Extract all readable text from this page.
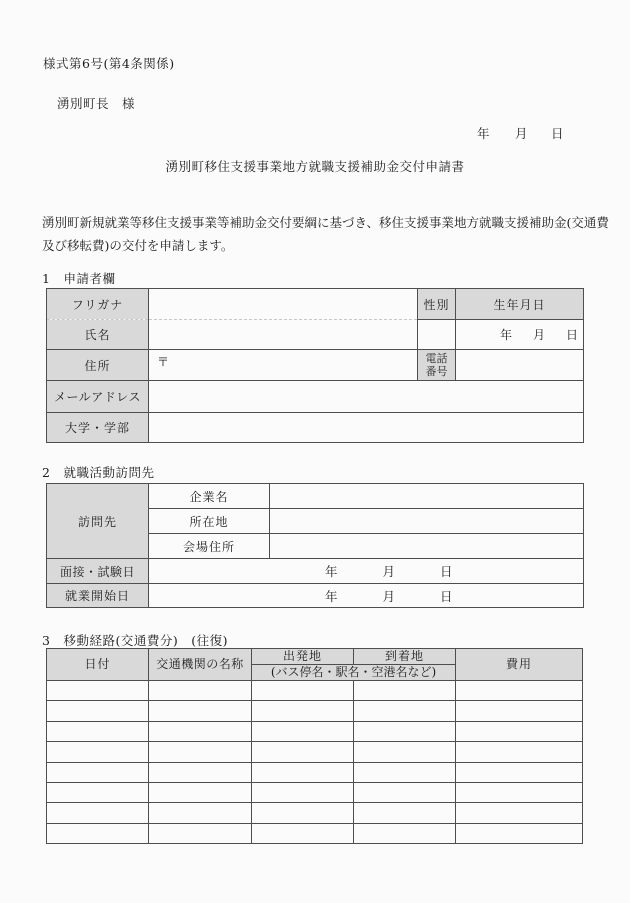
様式第6号(第4条関係)
湧別町長　様
年 月 日
湧別町移住支援事業地方就職支援補助金交付申請書
湧別町新規就業等移住支援事業等補助金交付要綱に基づき、移住支援事業地方就職支援補助金(交通費
及び移転費)の交付を申請します。
1　申請者欄
フリガナ		性別	生年月日
氏名			年 月 日

住所	〒	電話
番号	

メールアドレス			
大学・学部			
2　就職活動訪問先
訪問先	企業名	
	所在地	
	会場住所	
面接・試験日	年 月 日	

就業開始日	年 月 日	
3　移動経路(交通費分)　(往復)
日付	交通機関の名称	出発地	到着地	費用
		(バス停名・駅名・空港名など)		
